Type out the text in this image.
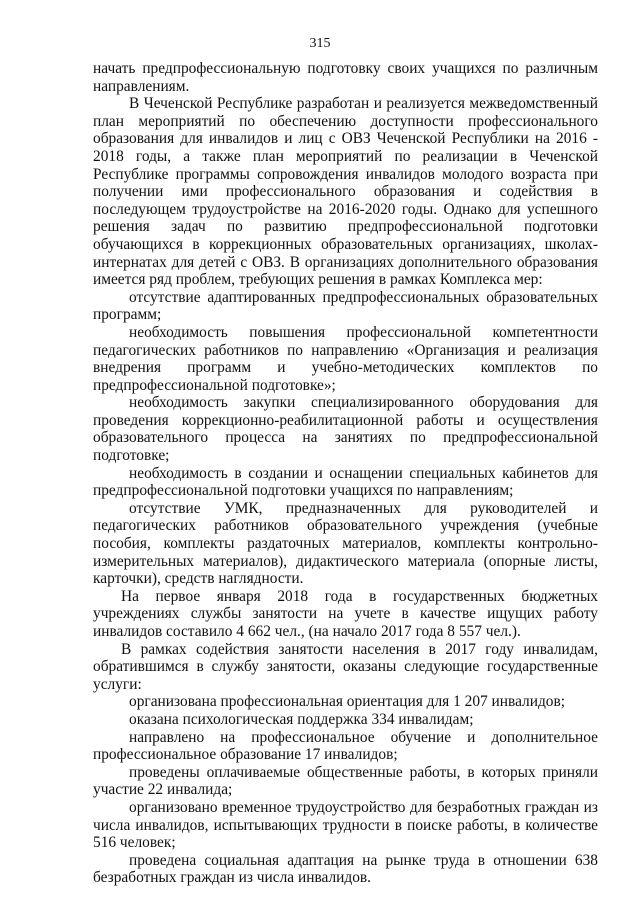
315

начать предпрофессиональную подготовку своих учащихся по различным направлениям.

В Чеченской Республике разработан и реализуется межведомственный план мероприятий по обеспечению доступности профессионального образования для инвалидов и лиц с ОВЗ Чеченской Республики на 2016 - 2018 годы, а также план мероприятий по реализации в Чеченской Республике программы сопровождения инвалидов молодого возраста при получении ими профессионального образования и содействия в последующем трудоустройстве на 2016-2020 годы. Однако для успешного решения задач по развитию предпрофессиональной подготовки обучающихся в коррекционных образовательных организациях, школах-интернатах для детей с ОВЗ. В организациях дополнительного образования имеется ряд проблем, требующих решения в рамках Комплекса мер:

отсутствие адаптированных предпрофессиональных образовательных программ;

необходимость повышения профессиональной компетентности педагогических работников по направлению «Организация и реализация внедрения программ и учебно-методических комплектов по предпрофессиональной подготовке»;

необходимость закупки специализированного оборудования для проведения коррекционно-реабилитационной работы и осуществления образовательного процесса на занятиях по предпрофессиональной подготовке;

необходимость в создании и оснащении специальных кабинетов для предпрофессиональной подготовки учащихся по направлениям;

отсутствие УМК, предназначенных для руководителей и педагогических работников образовательного учреждения (учебные пособия, комплекты раздаточных материалов, комплекты контрольно-измерительных материалов), дидактического материала (опорные листы, карточки), средств наглядности.

На первое января 2018 года в государственных бюджетных учреждениях службы занятости на учете в качестве ищущих работу инвалидов составило 4 662 чел., (на начало 2017 года 8 557 чел.).

В рамках содействия занятости населения в 2017 году инвалидам, обратившимся в службу занятости, оказаны следующие государственные услуги:

организована профессиональная ориентация для 1 207 инвалидов;

оказана психологическая поддержка 334 инвалидам;

направлено на профессиональное обучение и дополнительное профессиональное образование 17 инвалидов;

проведены оплачиваемые общественные работы, в которых приняли участие 22 инвалида;

организовано временное трудоустройство для безработных граждан из числа инвалидов, испытывающих трудности в поиске работы, в количестве 516 человек;

проведена социальная адаптация на рынке труда в отношении 638 безработных граждан из числа инвалидов.
